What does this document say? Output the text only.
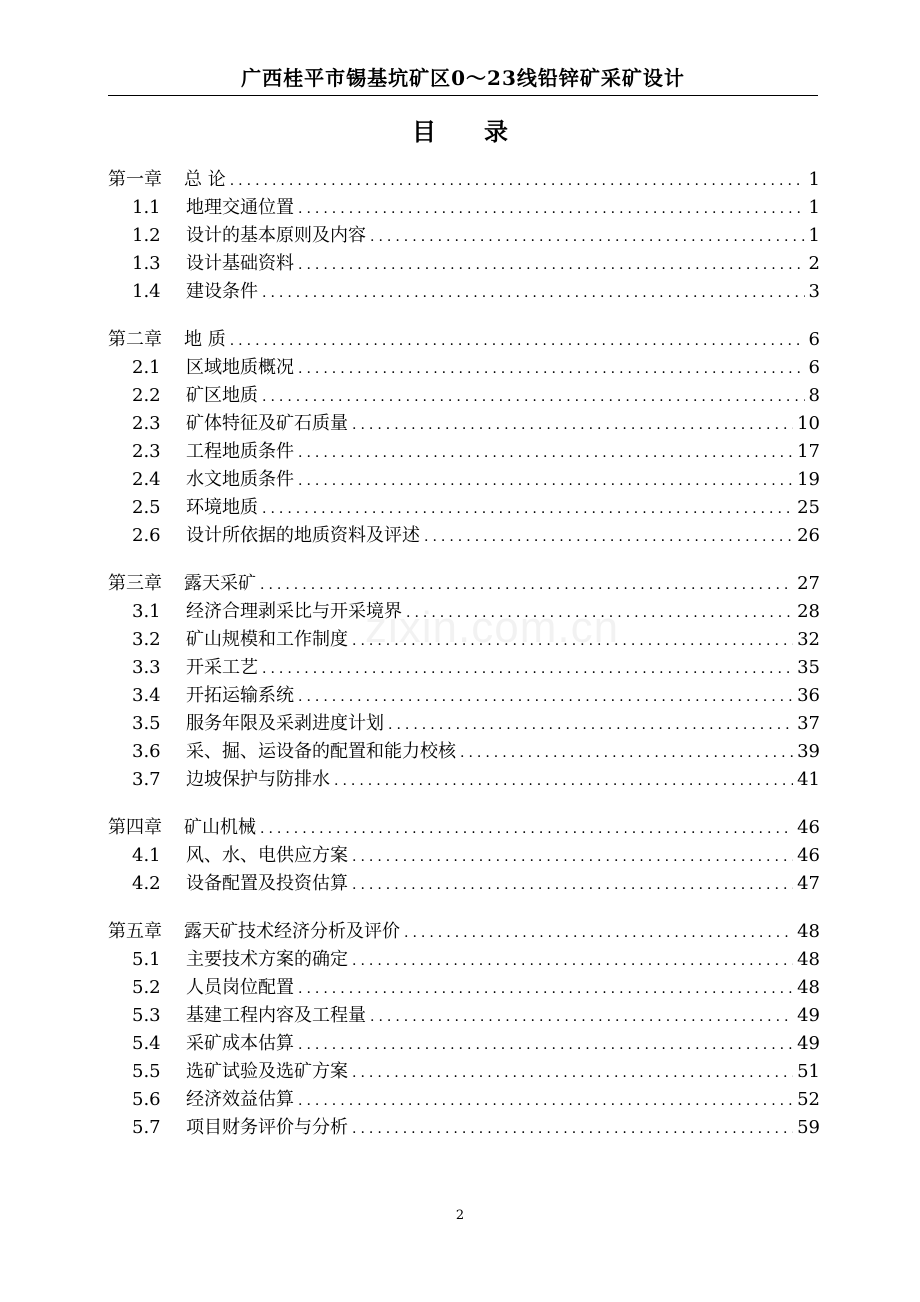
广西桂平市锡基坑矿区0～23线铅锌矿采矿设计
目 录
zixin.com.cn
第一章	总 论 .....	1
1.1	地理交通位置 .....	1
1.2	设计的基本原则及内容 .....	1
1.3	设计基础资料 .....	2
1.4	建设条件 .....	3
第二章	地 质 .....	6
2.1	区域地质概况 .....	6
2.2	矿区地质 .....	8
2.3	矿体特征及矿石质量 .....	10
2.3	工程地质条件 .....	17
2.4	水文地质条件 .....	19
2.5	环境地质 .....	25
2.6	设计所依据的地质资料及评述 .....	26
第三章	露天采矿 .....	27
3.1	经济合理剥采比与开采境界 .....	28
3.2	矿山规模和工作制度 .....	32
3.3	开采工艺 .....	35
3.4	开拓运输系统 .....	36
3.5	服务年限及采剥进度计划 .....	37
3.6	采、掘、运设备的配置和能力校核 .....	39
3.7	边坡保护与防排水 .....	41
第四章	矿山机械 .....	46
4.1	风、水、电供应方案 .....	46
4.2	设备配置及投资估算 .....	47
第五章	露天矿技术经济分析及评价 .....	48
5.1	主要技术方案的确定 .....	48
5.2	人员岗位配置 .....	48
5.3	基建工程内容及工程量 .....	49
5.4	采矿成本估算 .....	49
5.5	选矿试验及选矿方案 .....	51
5.6	经济效益估算 .....	52
5.7	项目财务评价与分析 .....	59
2
